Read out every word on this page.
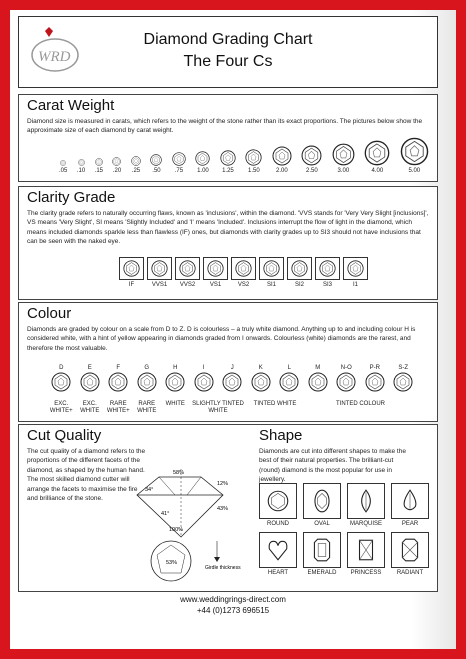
WRD
Diamond Grading Chart
The Four Cs
Carat Weight

Diamond size is measured in carats, which refers to the weight of the stone rather than its exact proportions. The pictures below show the approximate size of each diamond by carat weight.

.05 .10 .15 .20 .25 .50 .75 1.00 1.25 1.50	2.00	2.50	3.00	4.00	5.00
Clarity Grade

The clarity grade refers to naturally occurring flaws, known as 'inclusions', within the diamond. 'VVS stands for 'Very Very Slight [inclusions]', VS means 'Very Slight', SI means 'Slightly Included' and 'I' means 'Included'. Inclusions interrupt the flow of light in the diamond, which means included diamonds sparkle less than flawless (IF) ones, but diamonds with clarity grades up to SI3 should not have inclusions that can be seen with the naked eye.

IF	VVS1 VVS2 VS1	VS2	SI1	SI2	SI3	I1
Colour

Diamonds are graded by colour on a scale from D to Z. D is colourless – a truly white diamond. Anything up to and including colour H is considered white, with a hint of yellow appearing in diamonds graded from I onwards. Colourless (white) diamonds are the rarest, and therefore the most valuable.

D	E	F	G	H	I	J	K	L	M	N-O	P-R	S-Z
EXC. WHITE+
EXC. WHITE
RARE WHITE+
RARE WHITE
WHITE	SLIGHTLY TINTED WHITE
TINTED WHITE	TINTED COLOUR
Cut Quality

The cut quality of a diamond refers to the proportions of the different facets of the diamond, as shaped by the human hand. The most skilled diamond cutter will arrange the facets to maximise the fire and brilliance of the stone.

58%
34°
41°
12%
43%
100%
53%
Girdle thickness
Shape

Diamonds are cut into different shapes to make the best of their natural properties. The brilliant-cut (round) diamond is the most popular for use in jewellery.

ROUND	OVAL	MARQUISE	PEAR
HEART	EMERALD PRINCESS	RADIANT
www.weddingrings-direct.com
+44 (0)1273 696515
